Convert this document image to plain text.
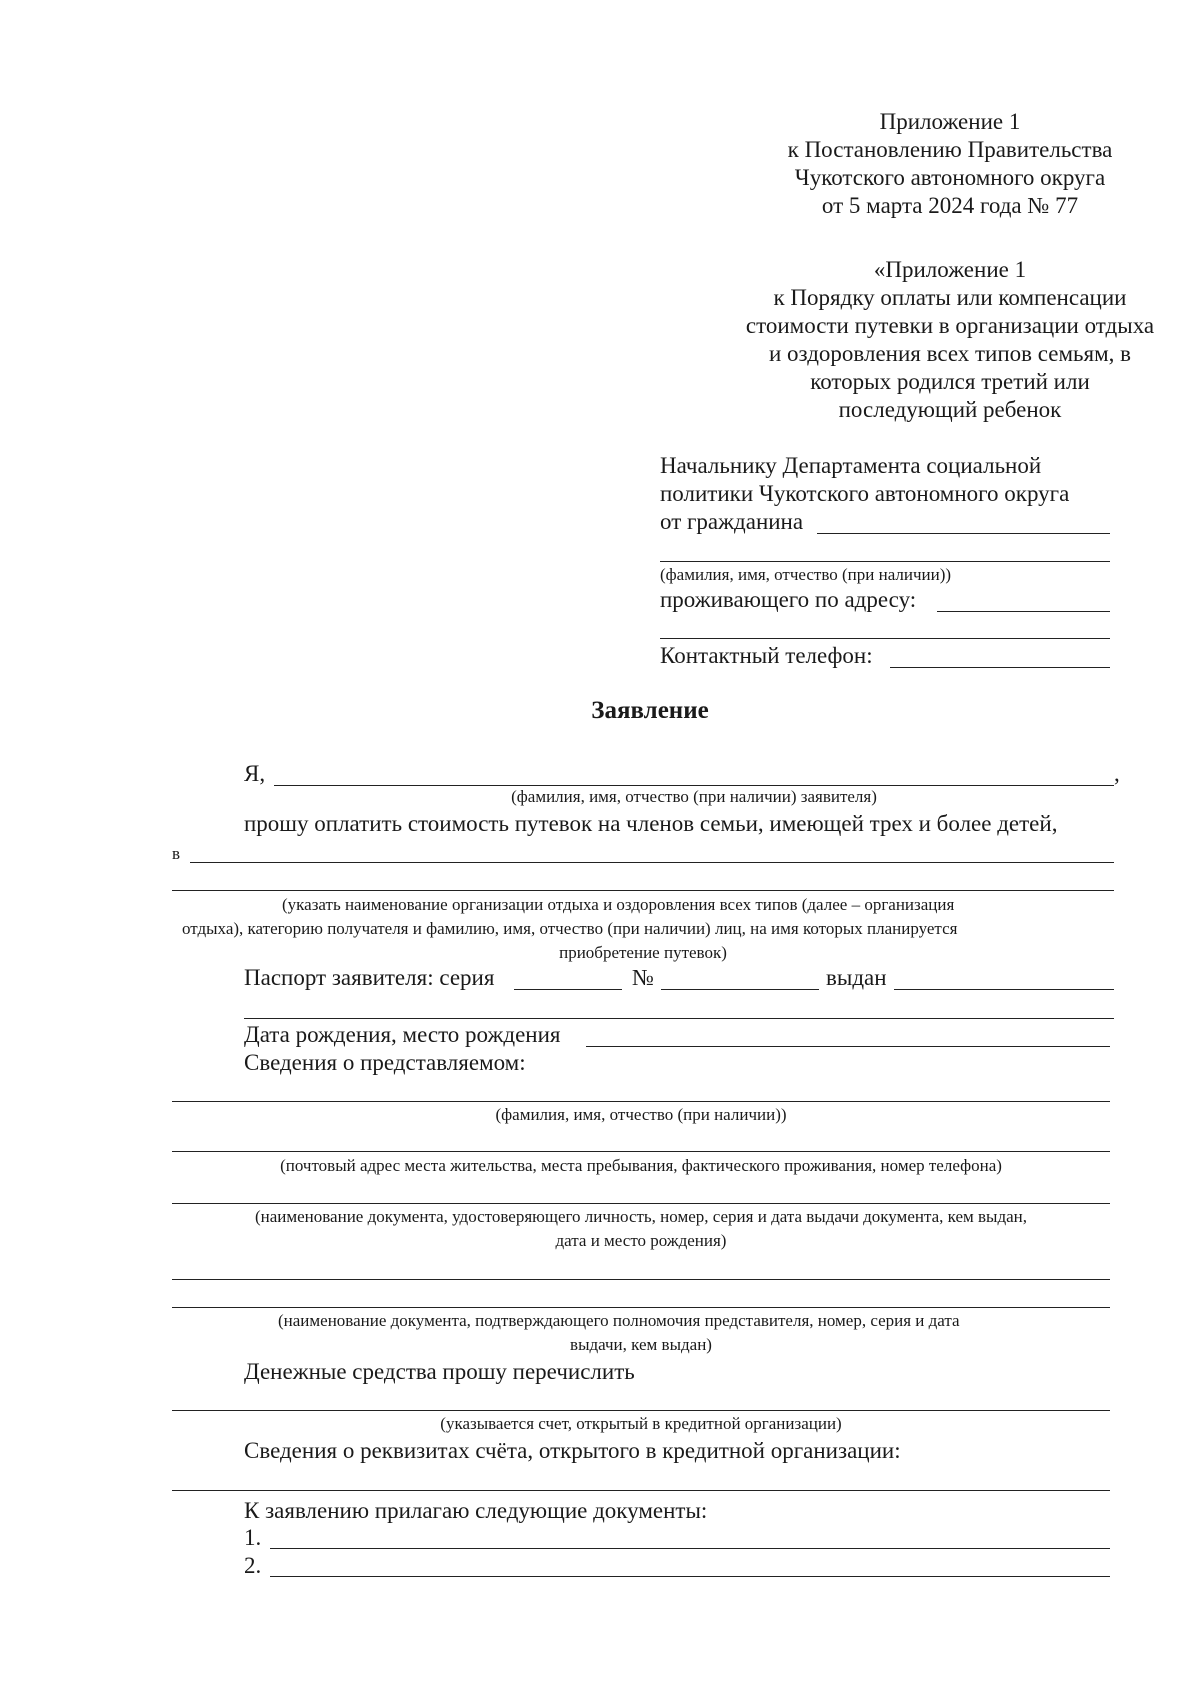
Приложение 1
к Постановлению Правительства
Чукотского автономного округа
от 5 марта 2024 года № 77
«Приложение 1
к Порядку оплаты или компенсации
стоимости путевки в организации отдыха
и оздоровления всех типов семьям, в
которых родился третий или
последующий ребенок
Начальнику Департамента социальной
политики Чукотского автономного округа
от гражданина
(фамилия, имя, отчество (при наличии))
проживающего по адресу:
Контактный телефон:
Заявление
Я,	,
(фамилия, имя, отчество (при наличии) заявителя)
прошу оплатить стоимость путевок на членов семьи, имеющей трех и более детей,
в
(указать наименование организации отдыха и оздоровления всех типов (далее – организация
отдыха), категорию получателя и фамилию, имя, отчество (при наличии) лиц, на имя которых планируется
приобретение путевок)
Паспорт заявителя: серия	№	выдан
Дата рождения, место рождения
Сведения о представляемом:
(фамилия, имя, отчество (при наличии))
(почтовый адрес места жительства, места пребывания, фактического проживания, номер телефона)
(наименование документа, удостоверяющего личность, номер, серия и дата выдачи документа, кем выдан,
дата и место рождения)
(наименование документа, подтверждающего полномочия представителя, номер, серия и дата
выдачи, кем выдан)
Денежные средства прошу перечислить
(указывается счет, открытый в кредитной организации)
Сведения о реквизитах счёта, открытого в кредитной организации:
К заявлению прилагаю следующие документы:
1.
2.
